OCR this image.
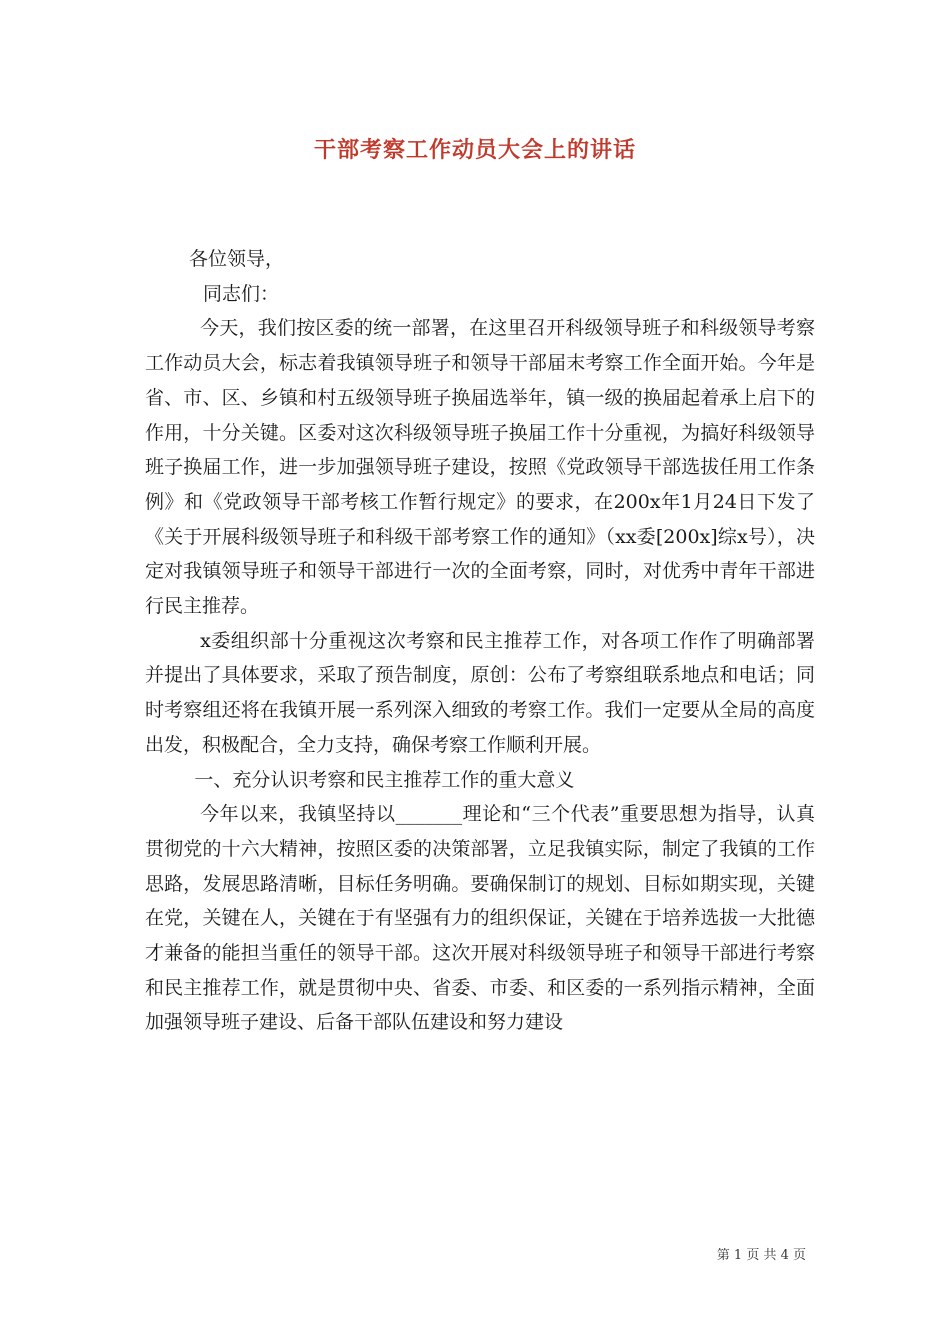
干部考察工作动员大会上的讲话

各位领导，

同志们：

今天，我们按区委的统一部署，在这里召开科级领导班子和科级领导考察工作动员大会，标志着我镇领导班子和领导干部届末考察工作全面开始。今年是省、市、区、乡镇和村五级领导班子换届选举年，镇一级的换届起着承上启下的作用，十分关键。区委对这次科级领导班子换届工作十分重视，为搞好科级领导班子换届工作，进一步加强领导班子建设，按照《党政领导干部选拔任用工作条例》和《党政领导干部考核工作暂行规定》的要求，在200x年1月24日下发了《关于开展科级领导班子和科级干部考察工作的通知》（xx委[200x]综x号），决定对我镇领导班子和领导干部进行一次的全面考察，同时，对优秀中青年干部进行民主推荐。

x委组织部十分重视这次考察和民主推荐工作，对各项工作作了明确部署并提出了具体要求，采取了预告制度，原创：公布了考察组联系地点和电话；同时考察组还将在我镇开展一系列深入细致的考察工作。我们一定要从全局的高度出发，积极配合，全力支持，确保考察工作顺利开展。

一、充分认识考察和民主推荐工作的重大意义

今年以来，我镇坚持以_______理论和“三个代表”重要思想为指导，认真贯彻党的十六大精神，按照区委的决策部署，立足我镇实际，制定了我镇的工作思路，发展思路清晰，目标任务明确。要确保制订的规划、目标如期实现，关键在党，关键在人，关键在于有坚强有力的组织保证，关键在于培养选拔一大批德才兼备的能担当重任的领导干部。这次开展对科级领导班子和领导干部进行考察和民主推荐工作，就是贯彻中央、省委、市委、和区委的一系列指示精神，全面加强领导班子建设、后备干部队伍建设和努力建设

第 1 页 共 4 页
